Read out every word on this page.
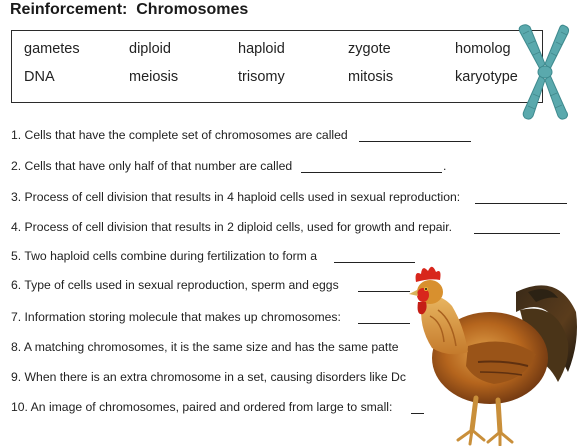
Reinforcement:  Chromosomes
gametes	diploid	haploid	zygote	homolog
DNA	meiosis	trisomy	mitosis	karyotype
1. Cells that have the complete set of chromosomes are called
2. Cells that have only half of that number are called	.
3. Process of cell division that results in 4 haploid cells used in sexual reproduction:
4. Process of cell division that results in 2 diploid cells, used for growth and repair.
5. Two haploid cells combine during fertilization to form a
6. Type of cells used in sexual reproduction, sperm and eggs
7. Information storing molecule that makes up chromosomes:
8. A matching chromosomes, it is the same size and has the same patte
9. When there is an extra chromosome in a set, causing disorders like Dc
10. An image of chromosomes, paired and ordered from large to small:
